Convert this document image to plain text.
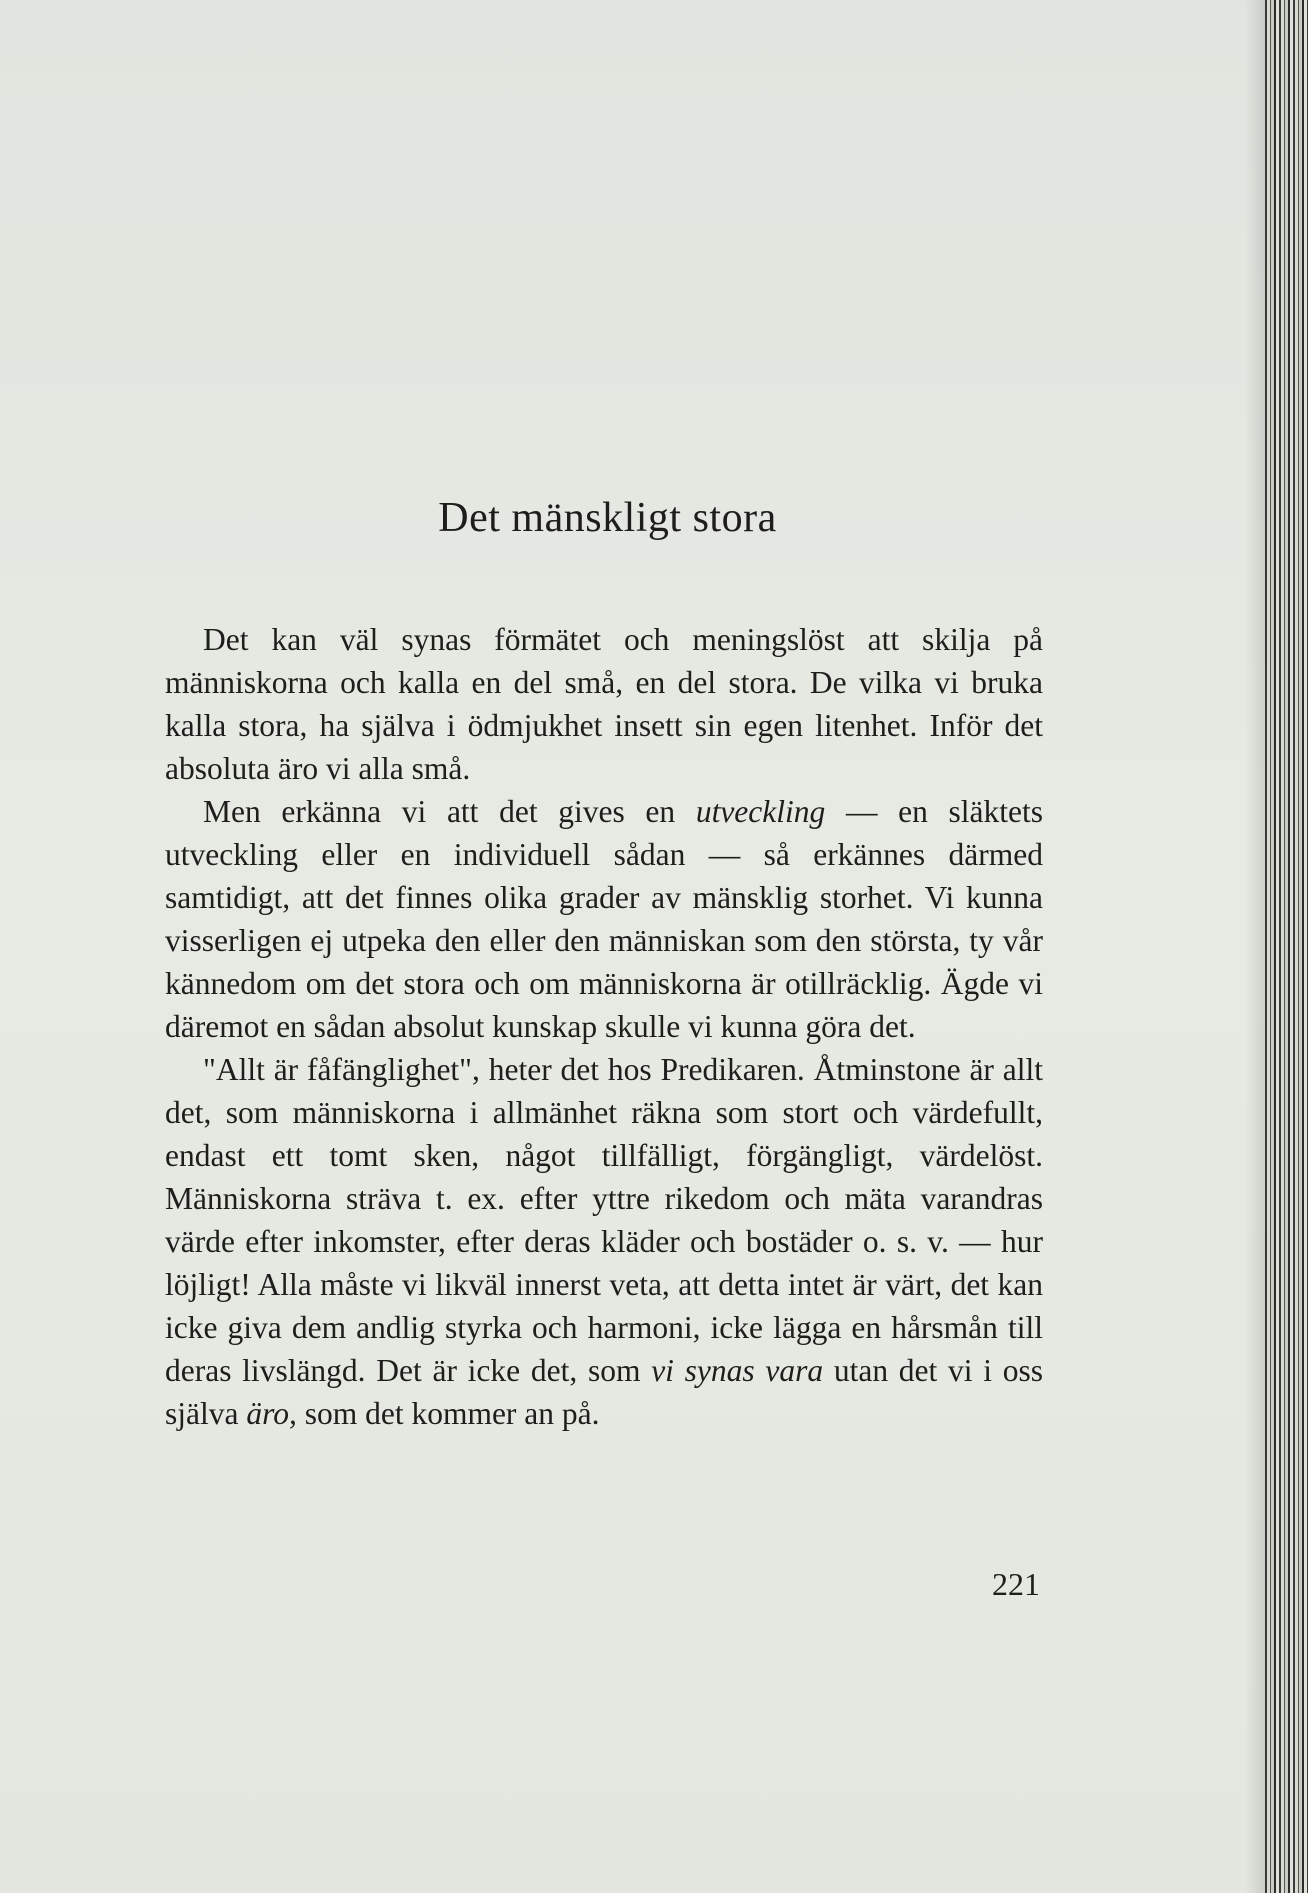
Det mänskligt stora

Det kan väl synas förmätet och meningslöst att skilja på människorna och kalla en del små, en del stora. De vilka vi bruka kalla stora, ha själva i ödmjukhet insett sin egen litenhet. Inför det absoluta äro vi alla små.

Men erkänna vi att det gives en utveckling — en släktets utveckling eller en individuell sådan — så erkännes därmed samtidigt, att det finnes olika grader av mänsklig storhet. Vi kunna visserligen ej utpeka den eller den människan som den största, ty vår kännedom om det stora och om människorna är otillräcklig. Ägde vi däremot en sådan absolut kunskap skulle vi kunna göra det.

"Allt är fåfänglighet", heter det hos Predikaren. Åtminstone är allt det, som människorna i allmänhet räkna som stort och värdefullt, endast ett tomt sken, något tillfälligt, förgängligt, värdelöst. Människorna sträva t. ex. efter yttre rikedom och mäta varandras värde efter inkomster, efter deras kläder och bostäder o. s. v. — hur löjligt! Alla måste vi likväl innerst veta, att detta intet är värt, det kan icke giva dem andlig styrka och harmoni, icke lägga en hårsmån till deras livslängd. Det är icke det, som vi synas vara utan det vi i oss själva äro, som det kommer an på.

221
